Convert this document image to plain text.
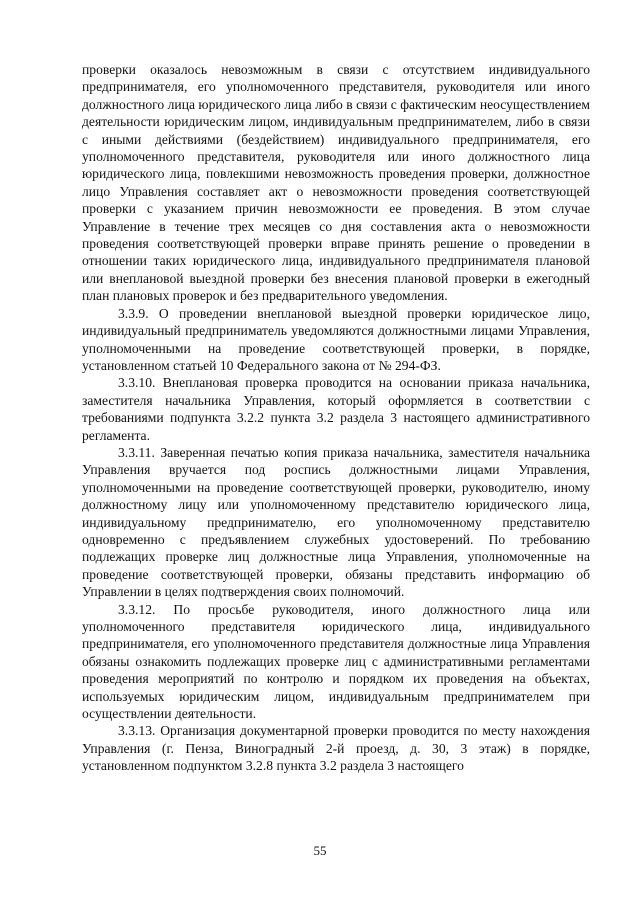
проверки оказалось невозможным в связи с отсутствием индивидуального предпринимателя, его уполномоченного представителя, руководителя или иного должностного лица юридического лица либо в связи с фактическим неосуществлением деятельности юридическим лицом, индивидуальным предпринимателем, либо в связи с иными действиями (бездействием) индивидуального предпринимателя, его уполномоченного представителя, руководителя или иного должностного лица юридического лица, повлекшими невозможность проведения проверки, должностное лицо Управления составляет акт о невозможности проведения соответствующей проверки с указанием причин невозможности ее проведения. В этом случае Управление в течение трех месяцев со дня составления акта о невозможности проведения соответствующей проверки вправе принять решение о проведении в отношении таких юридического лица, индивидуального предпринимателя плановой или внеплановой выездной проверки без внесения плановой проверки в ежегодный план плановых проверок и без предварительного уведомления.

3.3.9. О проведении внеплановой выездной проверки юридическое лицо, индивидуальный предприниматель уведомляются должностными лицами Управления, уполномоченными на проведение соответствующей проверки, в порядке, установленном статьей 10 Федерального закона от № 294-ФЗ.

3.3.10. Внеплановая проверка проводится на основании приказа начальника, заместителя начальника Управления, который оформляется в соответствии с требованиями подпункта 3.2.2 пункта 3.2 раздела 3 настоящего административного регламента.

3.3.11. Заверенная печатью копия приказа начальника, заместителя начальника Управления вручается под роспись должностными лицами Управления, уполномоченными на проведение соответствующей проверки, руководителю, иному должностному лицу или уполномоченному представителю юридического лица, индивидуальному предпринимателю, его уполномоченному представителю одновременно с предъявлением служебных удостоверений. По требованию подлежащих проверке лиц должностные лица Управления, уполномоченные на проведение соответствующей проверки, обязаны представить информацию об Управлении в целях подтверждения своих полномочий.

3.3.12. По просьбе руководителя, иного должностного лица или уполномоченного представителя юридического лица, индивидуального предпринимателя, его уполномоченного представителя должностные лица Управления обязаны ознакомить подлежащих проверке лиц с административными регламентами проведения мероприятий по контролю и порядком их проведения на объектах, используемых юридическим лицом, индивидуальным предпринимателем при осуществлении деятельности.

3.3.13. Организация документарной проверки проводится по месту нахождения Управления (г. Пенза, Виноградный 2-й проезд, д. 30, 3 этаж) в порядке, установленном подпунктом 3.2.8 пункта 3.2 раздела 3 настоящего

55
